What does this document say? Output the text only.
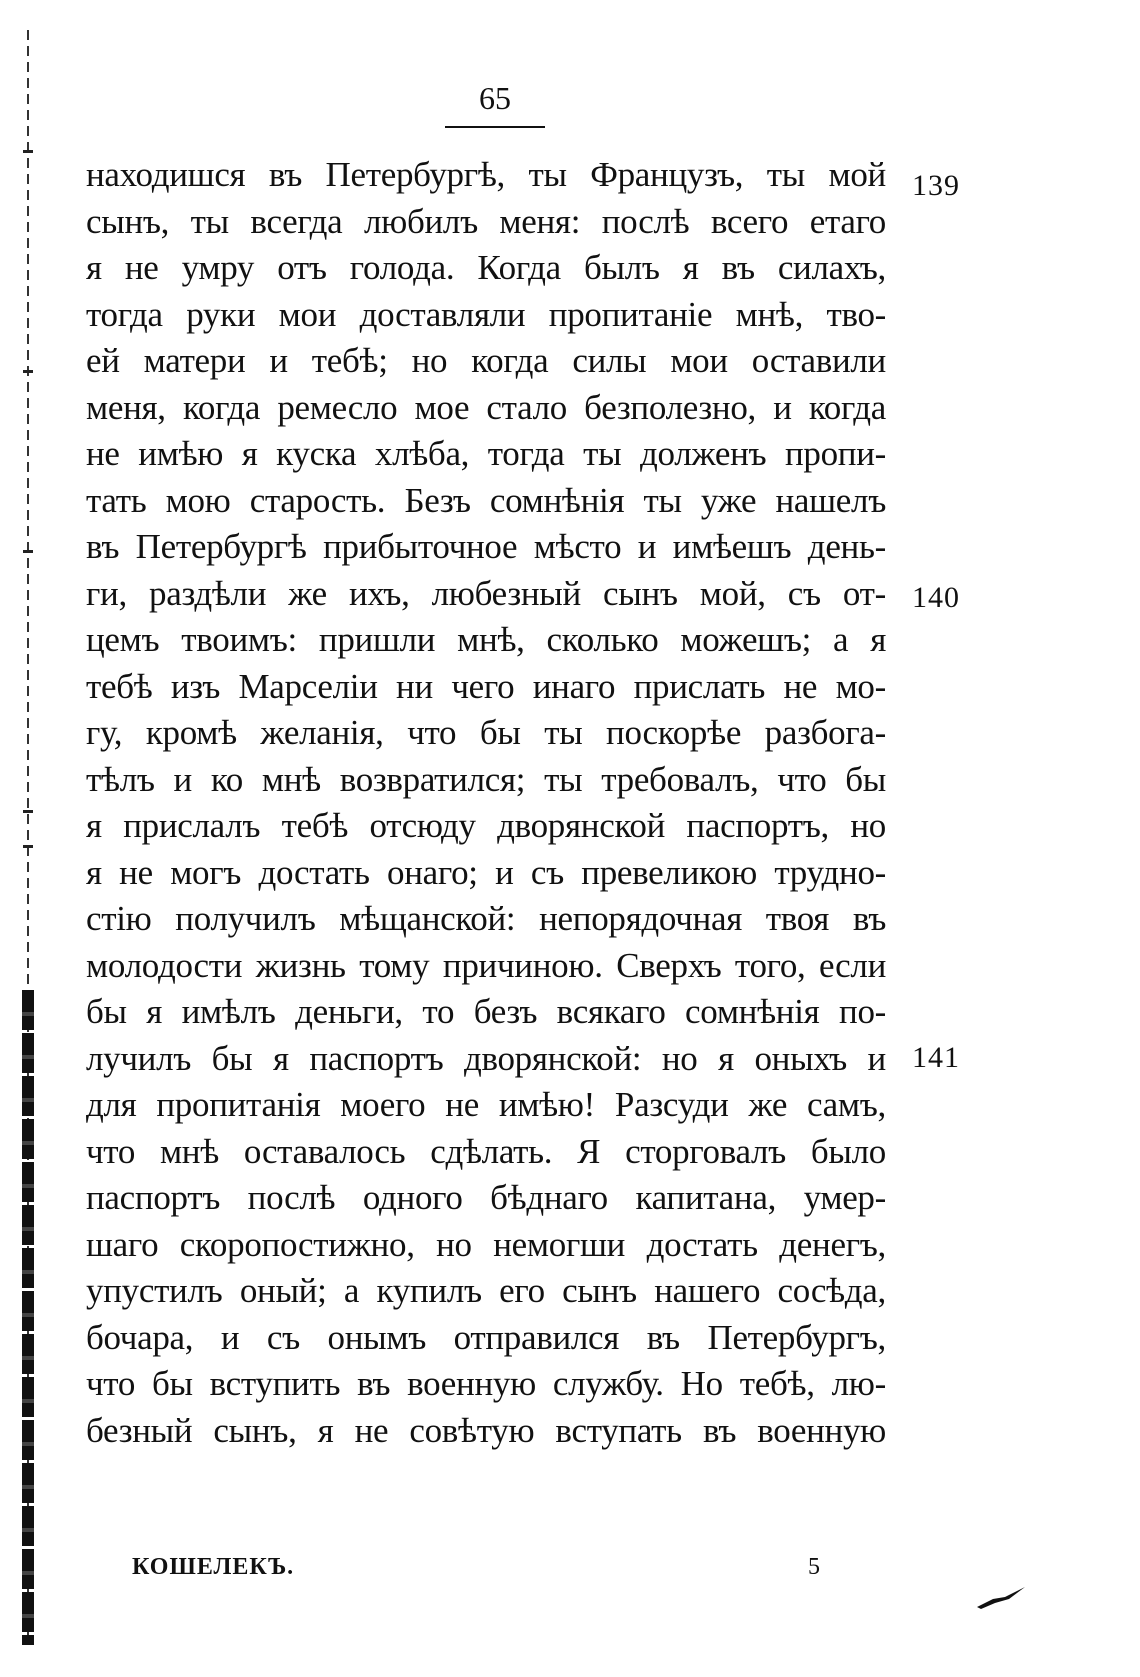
65
находишся въ Петербургѣ, ты Французъ, ты мой
сынъ, ты всегда любилъ меня: послѣ всего етаго
я не умру отъ голода. Когда былъ я въ силахъ,
тогда руки мои доставляли пропитаніе мнѣ, тво-
ей матери и тебѣ; но когда силы мои оставили
меня, когда ремесло мое стало безполезно, и когда
не имѣю я куска хлѣба, тогда ты долженъ пропи-
тать мою старость. Безъ сомнѣнія ты уже нашелъ
въ Петербургѣ прибыточное мѣсто и имѣешъ день-
ги, раздѣли же ихъ, любезный сынъ мой, съ от-
цемъ твоимъ: пришли мнѣ, сколько можешъ; а я
тебѣ изъ Марселіи ни чего инаго прислать не мо-
гу, кромѣ желанія, что бы ты поскорѣе разбога-
тѣлъ и ко мнѣ возвратился; ты требовалъ, что бы
я прислалъ тебѣ отсюду дворянской паспортъ, но
я не могъ достать онаго; и съ превеликою трудно-
стію получилъ мѣщанской: непорядочная твоя въ
молодости жизнь тому причиною. Сверхъ того, если
бы я имѣлъ деньги, то безъ всякаго сомнѣнія по-
лучилъ бы я паспортъ дворянской: но я оныхъ и
для пропитанія моего не имѣю! Разсуди же самъ,
что мнѣ оставалось сдѣлать. Я сторговалъ было
паспортъ послѣ одного бѣднаго капитана, умер-
шаго скоропостижно, но немогши достать денегъ,
упустилъ оный; а купилъ его сынъ нашего сосѣда,
бочара, и съ онымъ отправился въ Петербургъ,
что бы вступить въ военную службу. Но тебѣ, лю-
безный сынъ, я не совѣтую вступать въ военную
139
140
141
КОШЕЛЕКЪ.	5
